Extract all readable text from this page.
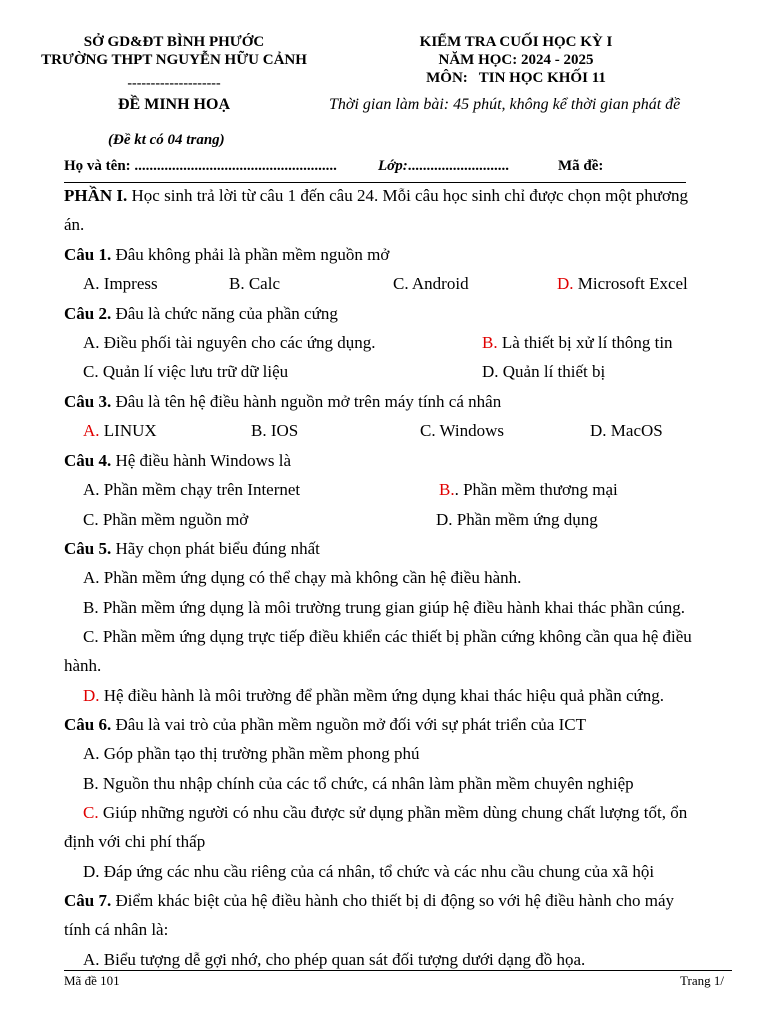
SỞ GD&ĐT BÌNH PHƯỚC
TRƯỜNG THPT NGUYỄN HỮU CẢNH
--------------------
ĐỀ MINH HOẠ
(Đề kt có 04 trang)
KIỂM TRA CUỐI HỌC KỲ I
NĂM HỌC: 2024 - 2025
MÔN:   TIN HỌC KHỐI 11
Thời gian làm bài: 45 phút, không kể thời gian phát đề
Họ và tên: ......................................................	Lớp:...........................	Mã đề:
PHẦN I. Học sinh trả lời từ câu 1 đến câu 24. Mỗi câu học sinh chỉ được chọn một phương
án.
Câu 1. Đâu không phải là phần mềm nguồn mở
A. Impress	B. Calc	C. Android	D. Microsoft Excel
Câu 2. Đâu là chức năng của phần cứng
A. Điều phối tài nguyên cho các ứng dụng.	B. Là thiết bị xử lí thông tin
C. Quản lí việc lưu trữ dữ liệu	D. Quản lí thiết bị
Câu 3. Đâu là tên hệ điều hành nguồn mở trên máy tính cá nhân
A. LINUX	B. IOS	C. Windows	D. MacOS
Câu 4. Hệ điều hành Windows là
A. Phần mềm chạy trên Internet	B.. Phần mềm thương mại
C. Phần mềm nguồn mở	D. Phần mềm ứng dụng
Câu 5. Hãy chọn phát biểu đúng nhất
A. Phần mềm ứng dụng có thể chạy mà không cần hệ điều hành.
B. Phần mềm ứng dụng là môi trường trung gian giúp hệ điều hành khai thác phần cúng.
C. Phần mềm ứng dụng trực tiếp điều khiển các thiết bị phần cứng không cần qua hệ điều
hành.
D. Hệ điều hành là môi trường để phần mềm ứng dụng khai thác hiệu quả phần cứng.
Câu 6. Đâu là vai trò của phần mềm nguồn mở đối với sự phát triển của ICT
A. Góp phần tạo thị trường phần mềm phong phú
B. Nguồn thu nhập chính của các tổ chức, cá nhân làm phần mềm chuyên nghiệp
C. Giúp những người có nhu cầu được sử dụng phần mềm dùng chung chất lượng tốt, ổn
định với chi phí thấp
D. Đáp ứng các nhu cầu riêng của cá nhân, tổ chức và các nhu cầu chung của xã hội
Câu 7. Điểm khác biệt của hệ điều hành cho thiết bị di động so với hệ điều hành cho máy
tính cá nhân là:
A. Biểu tượng dễ gợi nhớ, cho phép quan sát đối tượng dưới dạng đồ họa.
Mã đề 101	Trang 1/
